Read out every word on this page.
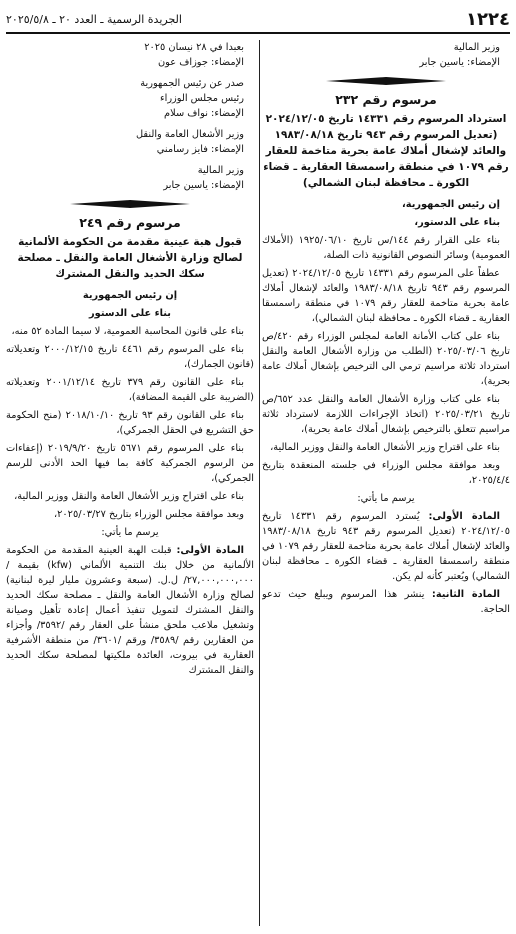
١٢٢٤
الجريدة الرسمية ـ العدد ٢٠ ـ ٢٠٢٥/٥/٨

وزير المالية

الإمضاء: ياسين جابر

مرسوم رقم ٢٣٢
استرداد المرسوم رقم ١٤٣٣١ تاريخ ٢٠٢٤/١٢/٠٥ (تعديل المرسوم رقم ٩٤٣ تاريخ ١٩٨٣/٠٨/١٨ والعائد لإشغال أملاك عامة بحرية متاخمة للعقار رقم ١٠٧٩ في منطقة راسمسقا العقارية ـ قضاء الكورة ـ محافظة لبنان الشمالي)

إن رئيس الجمهورية،

بناء على الدستور،

بناء على القرار رقم ١٤٤/س تاريخ ١٩٢٥/٠٦/١٠ (الأملاك العمومية) وسائر النصوص القانونية ذات الصلة،

عطفاً على المرسوم رقم ١٤٣٣١ تاريخ ٢٠٢٤/١٢/٠٥ (تعديل المرسوم رقم ٩٤٣ تاريخ ١٩٨٣/٠٨/١٨ والعائد لإشغال أملاك عامة بحرية متاخمة للعقار رقم ١٠٧٩ في منطقة راسمسقا العقارية ـ قضاء الكورة ـ محافظة لبنان الشمالي)،

بناء على كتاب الأمانة العامة لمجلس الوزراء رقم ٤٢٠/ص تاريخ ٢٠٢٥/٠٣/٠٦ (الطلب من وزارة الأشغال العامة والنقل استرداد ثلاثة مراسيم ترمي الى الترخيص بإشغال أملاك عامة بحرية)،

بناء على كتاب وزارة الأشغال العامة والنقل عدد ٦٥٢/ص تاريخ ٢٠٢٥/٠٣/٢١ (اتخاذ الإجراءات اللازمة لاسترداد ثلاثة مراسيم تتعلق بالترخيص بإشغال أملاك عامة بحرية)،

بناء على اقتراح وزير الأشغال العامة والنقل ووزير المالية،

وبعد موافقة مجلس الوزراء في جلسته المنعقدة بتاريخ ٢٠٢٥/٤/٤،

يرسم ما يأتي:

المادة الأولى: يُسترد المرسوم رقم ١٤٣٣١ تاريخ ٢٠٢٤/١٢/٠٥ (تعديل المرسوم رقم ٩٤٣ تاريخ ١٩٨٣/٠٨/١٨ والعائد لإشغال أملاك عامة بحرية متاخمة للعقار رقم ١٠٧٩ في منطقة راسمسقا العقارية ـ قضاء الكورة ـ محافظة لبنان الشمالي) ويُعتبر كأنه لم يكن.

المادة الثانية: ينشر هذا المرسوم ويبلغ حيث تدعو الحاجة.

بعبدا في ٢٨ نيسان ٢٠٢٥

الإمضاء: جوزاف عون

صدر عن رئيس الجمهورية

رئيس مجلس الوزراء

الإمضاء: نواف سلام

وزير الأشغال العامة والنقل

الإمضاء: فايز رسامني

وزير المالية

الإمضاء: ياسين جابر

مرسوم رقم ٢٤٩
قبول هبة عينية مقدمة من الحكومة الألمانية لصالح وزارة الأشغال العامة والنقل ـ مصلحة سكك الحديد والنقل المشترك

إن رئيس الجمهورية

بناء على الدستور

بناء على قانون المحاسبة العمومية، لا سيما المادة ٥٢ منه،

بناء على المرسوم رقم ٤٤٦١ تاريخ ٢٠٠٠/١٢/١٥ وتعديلاته (قانون الجمارك)،

بناء على القانون رقم ٣٧٩ تاريخ ٢٠٠١/١٢/١٤ وتعديلاته (الضريبة على القيمة المضافة)،

بناء على القانون رقم ٩٣ تاريخ ٢٠١٨/١٠/١٠ (منح الحكومة حق التشريع في الحقل الجمركي)،

بناء على المرسوم رقم ٥٦٧١ تاريخ ٢٠١٩/٩/٢٠ (إعفاءات من الرسوم الجمركية كافة بما فيها الحد الأدنى للرسم الجمركي)،

بناء على اقتراح وزير الأشغال العامة والنقل ووزير المالية،

وبعد موافقة مجلس الوزراء بتاريخ ٢٠٢٥/٠٣/٢٧،

يرسم ما يأتي:

المادة الأولى: قبلت الهبة العينية المقدمة من الحكومة الألمانية من خلال بنك التنمية الألماني (kfw) بقيمة /٢٧,٠٠٠,٠٠٠,٠٠٠/ ل.ل. (سبعة وعشرون مليار ليرة لبنانية) لصالح وزارة الأشغال العامة والنقل ـ مصلحة سكك الحديد والنقل المشترك لتمويل تنفيذ أعمال إعادة تأهيل وصيانة وتشغيل ملاعب ملحق منشأ على العقار رقم /٣٥٩٢/ وأجزاء من العقارين رقم /٣٥٨٩/ ورقم /٣٦٠١/ من منطقة الأشرفية العقارية في بيروت، العائدة ملكيتها لمصلحة سكك الحديد والنقل المشترك
